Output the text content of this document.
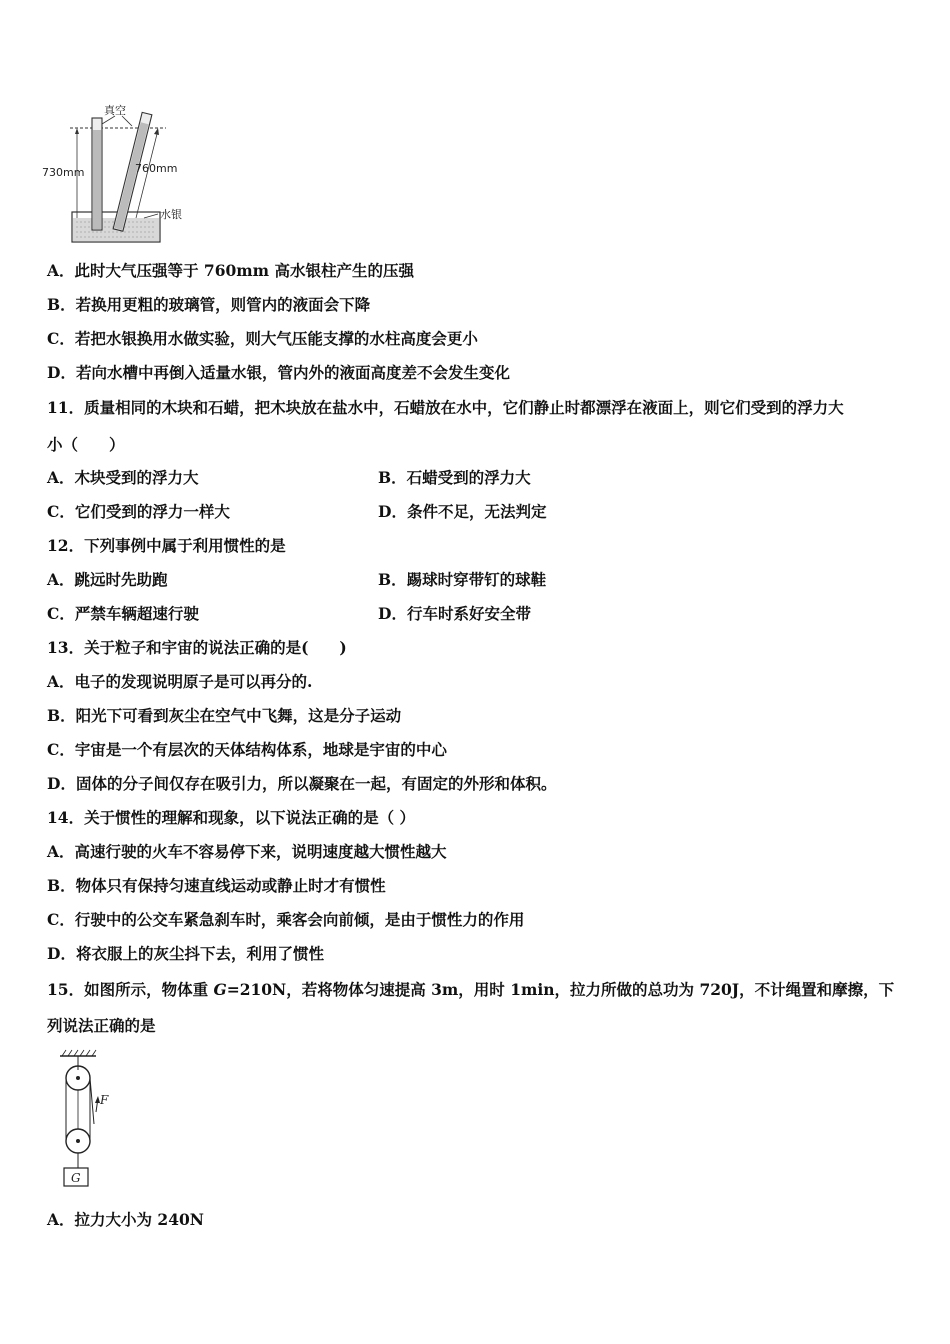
真空
730mm	760mm
水银
A．此时大气压强等于 760mm 高水银柱产生的压强
B．若换用更粗的玻璃管，则管内的液面会下降
C．若把水银换用水做实验，则大气压能支撑的水柱高度会更小
D．若向水槽中再倒入适量水银，管内外的液面高度差不会发生变化
11．质量相同的木块和石蜡，把木块放在盐水中，石蜡放在水中，它们静止时都漂浮在液面上，则它们受到的浮力大
小（　　）
A．木块受到的浮力大	B．石蜡受到的浮力大
C．它们受到的浮力一样大	D．条件不足，无法判定
12．下列事例中属于利用惯性的是
A．跳远时先助跑	B．踢球时穿带钉的球鞋
C．严禁车辆超速行驶	D．行车时系好安全带
13．关于粒子和宇宙的说法正确的是(　　)
A．电子的发现说明原子是可以再分的.
B．阳光下可看到灰尘在空气中飞舞，这是分子运动
C．宇宙是一个有层次的天体结构体系，地球是宇宙的中心
D．固体的分子间仅存在吸引力，所以凝聚在一起，有固定的外形和体积。
14．关于惯性的理解和现象，以下说法正确的是（ ）
A．高速行驶的火车不容易停下来，说明速度越大惯性越大
B．物体只有保持匀速直线运动或静止时才有惯性
C．行驶中的公交车紧急刹车时，乘客会向前倾，是由于惯性力的作用
D．将衣服上的灰尘抖下去，利用了惯性
15．如图所示，物体重 G=210N，若将物体匀速提高 3m，用时 1min，拉力所做的总功为 720J，不计绳置和摩擦，下
列说法正确的是
F
G
A．拉力大小为 240N
